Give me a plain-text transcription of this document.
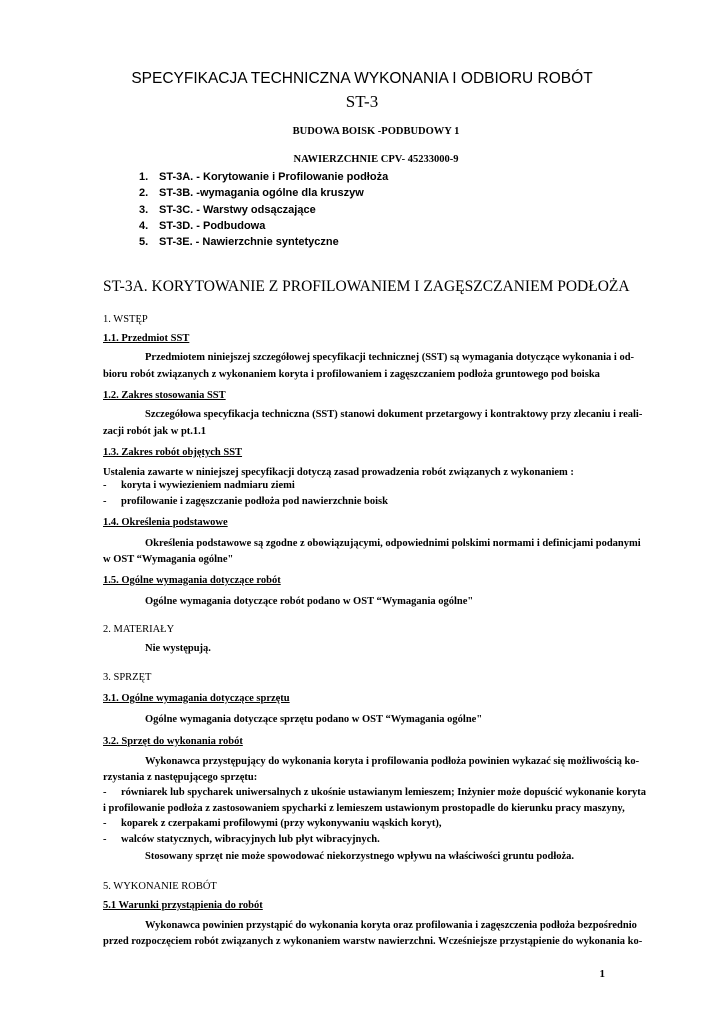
SPECYFIKACJA TECHNICZNA WYKONANIA I ODBIORU ROBÓT
ST-3
BUDOWA BOISK -PODBUDOWY 1
NAWIERZCHNIE CPV- 45233000-9
1. ST-3A. - Korytowanie i Profilowanie podłoża
2. ST-3B. -wymagania ogólne dla kruszyw
3. ST-3C. - Warstwy odsączające
4. ST-3D. - Podbudowa
5. ST-3E. - Nawierzchnie syntetyczne
ST-3A. KORYTOWANIE Z PROFILOWANIEM I ZAGĘSZCZANIEM PODŁOŻA
1. WSTĘP
1.1. Przedmiot SST
Przedmiotem niniejszej szczegółowej specyfikacji technicznej (SST) są wymagania dotyczące wykonania i od-
bioru robót związanych z wykonaniem koryta i profilowaniem i zagęszczaniem podłoża gruntowego pod boiska
1.2. Zakres stosowania SST
Szczegółowa specyfikacja techniczna (SST) stanowi dokument przetargowy i kontraktowy przy zlecaniu i reali-
zacji robót jak w pt.1.1
1.3. Zakres robót objętych SST
Ustalenia zawarte w niniejszej specyfikacji dotyczą zasad prowadzenia robót związanych z wykonaniem :
- koryta i wywiezieniem nadmiaru ziemi
- profilowanie i zagęszczanie podłoża pod nawierzchnie boisk
1.4. Określenia podstawowe
Określenia podstawowe są zgodne z obowiązującymi, odpowiednimi polskimi normami i definicjami podanymi
w OST “Wymagania ogólne"
1.5. Ogólne wymagania dotyczące robót
Ogólne wymagania dotyczące robót podano w OST “Wymagania ogólne"
2. MATERIAŁY
Nie występują.
3. SPRZĘT
3.1. Ogólne wymagania dotyczące sprzętu
Ogólne wymagania dotyczące sprzętu podano w OST “Wymagania ogólne"
3.2. Sprzęt do wykonania robót
Wykonawca przystępujący do wykonania koryta i profilowania podłoża powinien wykazać się możliwością ko-
rzystania z następującego sprzętu:
- równiarek lub spycharek uniwersalnych z ukośnie ustawianym lemieszem; Inżynier może dopuścić wykonanie koryta
i profilowanie podłoża z zastosowaniem spycharki z lemieszem ustawionym prostopadle do kierunku pracy maszyny,
- koparek z czerpakami profilowymi (przy wykonywaniu wąskich koryt),
- walców statycznych, wibracyjnych lub płyt wibracyjnych.
Stosowany sprzęt nie może spowodować niekorzystnego wpływu na właściwości gruntu podłoża.
5. WYKONANIE ROBÓT
5.1 Warunki przystąpienia do robót
Wykonawca powinien przystąpić do wykonania koryta oraz profilowania i zagęszczenia podłoża bezpośrednio
przed rozpoczęciem robót związanych z wykonaniem warstw nawierzchni. Wcześniejsze przystąpienie do wykonania ko-
1
